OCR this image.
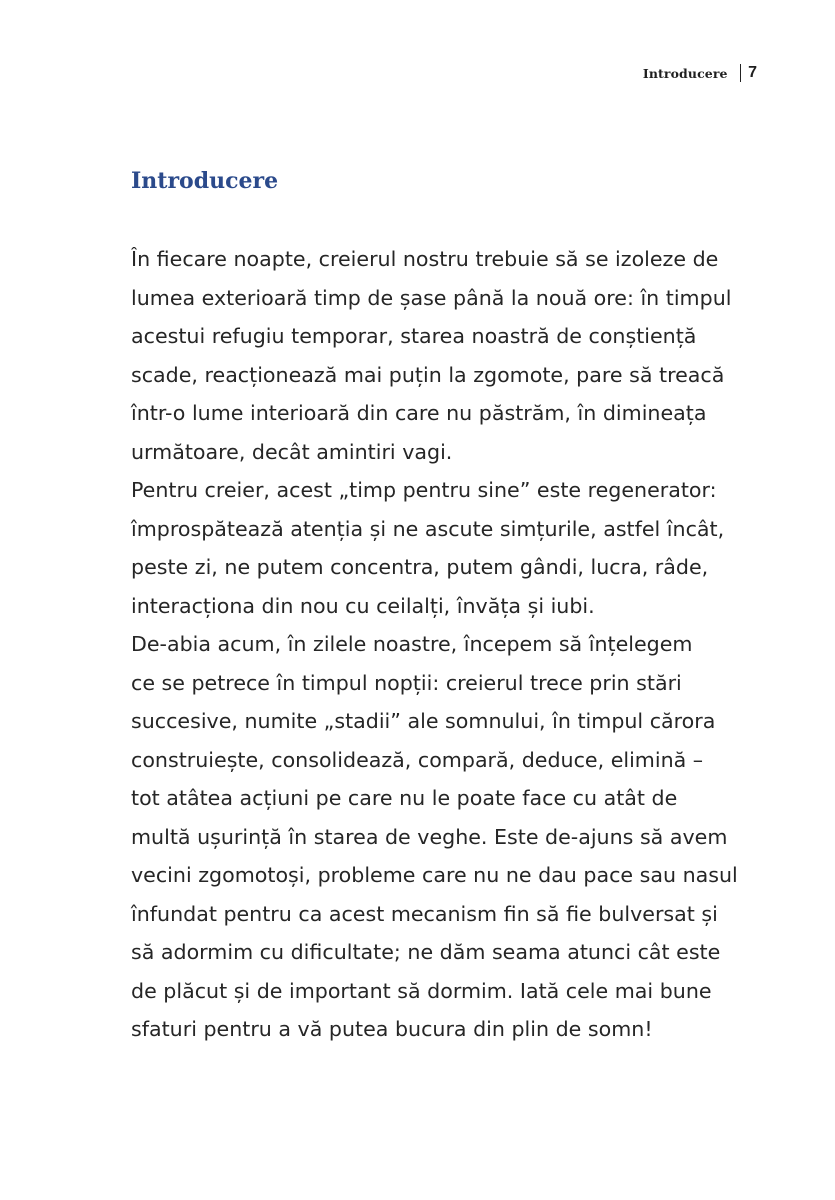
Introducere 7
Introducere
În fiecare noapte, creierul nostru trebuie să se izoleze de
lumea exterioară timp de șase până la nouă ore: în timpul
acestui refugiu temporar, starea noastră de conștiență
scade, reacționează mai puțin la zgomote, pare să treacă
într-o lume interioară din care nu păstrăm, în dimineața
următoare, decât amintiri vagi.
Pentru creier, acest „timp pentru sine” este regenerator:
împrospătează atenția și ne ascute simțurile, astfel încât,
peste zi, ne putem concentra, putem gândi, lucra, râde,
interacționa din nou cu ceilalți, învăța și iubi.
De-abia acum, în zilele noastre, începem să înțelegem
ce se petrece în timpul nopții: creierul trece prin stări
succesive, numite „stadii” ale somnului, în timpul cărora
construiește, consolidează, compară, deduce, elimină –
tot atâtea acțiuni pe care nu le poate face cu atât de
multă ușurință în starea de veghe. Este de-ajuns să avem
vecini zgomotoși, probleme care nu ne dau pace sau nasul
înfundat pentru ca acest mecanism fin să fie bulversat și
să adormim cu dificultate; ne dăm seama atunci cât este
de plăcut și de important să dormim. Iată cele mai bune
sfaturi pentru a vă putea bucura din plin de somn!
